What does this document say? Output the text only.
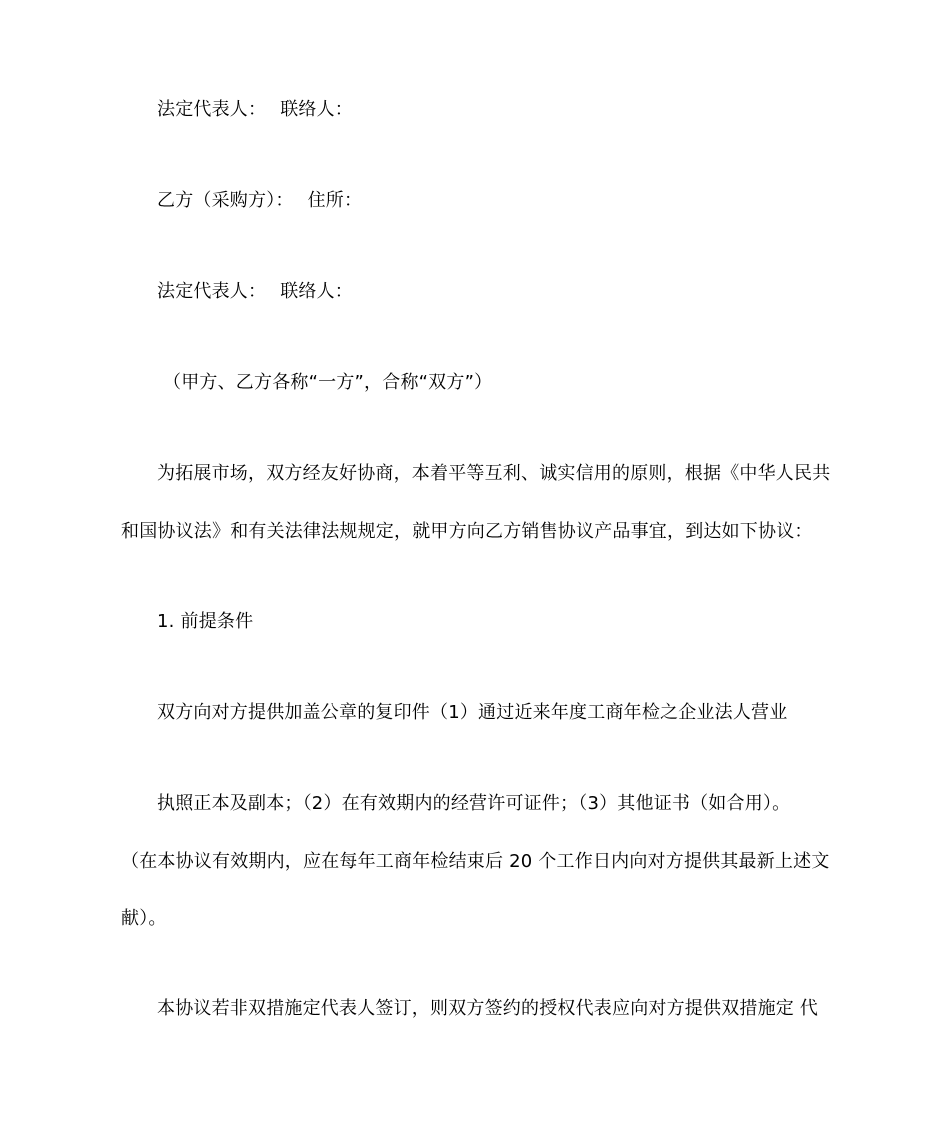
法定代表人： 联络人：
乙方（采购方）： 住所：
法定代表人： 联络人：
（甲方、乙方各称“一方”，合称“双方”）
为拓展市场，双方经友好协商，本着平等互利、诚实信用的原则，根据《中华人民共
和国协议法》和有关法律法规规定，就甲方向乙方销售协议产品事宜，到达如下协议：
1. 前提条件
双方向对方提供加盖公章的复印件（1）通过近来年度工商年检之企业法人营业
执照正本及副本；（2）在有效期内的经营许可证件；（3）其他证书（如合用）。
（在本协议有效期内，应在每年工商年检结束后 20 个工作日内向对方提供其最新上述文
献）。
本协议若非双措施定代表人签订，则双方签约的授权代表应向对方提供双措施定 代
